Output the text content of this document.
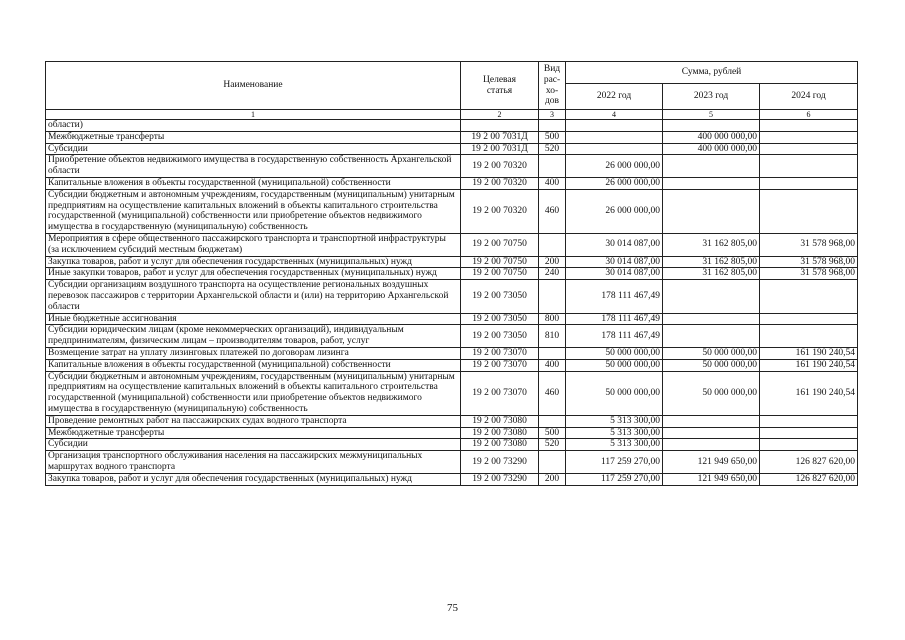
Наименование	Целевая статья	Вид рас-хо-дов	Сумма, рублей		
			2022 год	2023 год	2024 год
1	2	3	4	5	6
области)					
Межбюджетные трансферты	19 2 00 7031Д	500		400 000 000,00	
Субсидии	19 2 00 7031Д	520		400 000 000,00	
Приобретение объектов недвижимого имущества в государственную собственность Архангельской области	19 2 00 70320		26 000 000,00		
Капитальные вложения в объекты государственной (муниципальной) собственности	19 2 00 70320	400	26 000 000,00		
Субсидии бюджетным и автономным учреждениям, государственным (муниципальным) унитарным предприятиям на осуществление капитальных вложений в объекты капитального строительства государственной (муниципальной) собственности или приобретение объектов недвижимого имущества в государственную (муниципальную) собственность	19 2 00 70320	460	26 000 000,00		
Мероприятия в сфере общественного пассажирского транспорта и транспортной инфраструктуры (за исключением субсидий местным бюджетам)	19 2 00 70750		30 014 087,00	31 162 805,00	31 578 968,00
Закупка товаров, работ и услуг для обеспечения государственных (муниципальных) нужд	19 2 00 70750	200	30 014 087,00	31 162 805,00	31 578 968,00
Иные закупки товаров, работ и услуг для обеспечения государственных (муниципальных) нужд	19 2 00 70750	240	30 014 087,00	31 162 805,00	31 578 968,00
Субсидии организациям воздушного транспорта на осуществление региональных воздушных перевозок пассажиров с территории Архангельской области и (или) на территорию Архангельской области	19 2 00 73050		178 111 467,49		
Иные бюджетные ассигнования	19 2 00 73050	800	178 111 467,49		
Субсидии юридическим лицам (кроме некоммерческих организаций), индивидуальным предпринимателям, физическим лицам – производителям товаров, работ, услуг	19 2 00 73050	810	178 111 467,49		
Возмещение затрат на уплату лизинговых платежей по договорам лизинга	19 2 00 73070		50 000 000,00	50 000 000,00	161 190 240,54
Капитальные вложения в объекты государственной (муниципальной) собственности	19 2 00 73070	400	50 000 000,00	50 000 000,00	161 190 240,54
Субсидии бюджетным и автономным учреждениям, государственным (муниципальным) унитарным предприятиям на осуществление капитальных вложений в объекты капитального строительства государственной (муниципальной) собственности или приобретение объектов недвижимого имущества в государственную (муниципальную) собственность	19 2 00 73070	460	50 000 000,00	50 000 000,00	161 190 240,54
Проведение ремонтных работ на пассажирских судах водного транспорта	19 2 00 73080		5 313 300,00		
Межбюджетные трансферты	19 2 00 73080	500	5 313 300,00		
Субсидии	19 2 00 73080	520	5 313 300,00		
Организация транспортного обслуживания населения на пассажирских межмуниципальных маршрутах водного транспорта	19 2 00 73290		117 259 270,00	121 949 650,00	126 827 620,00
Закупка товаров, работ и услуг для обеспечения государственных (муниципальных) нужд	19 2 00 73290	200	117 259 270,00	121 949 650,00	126 827 620,00
75
